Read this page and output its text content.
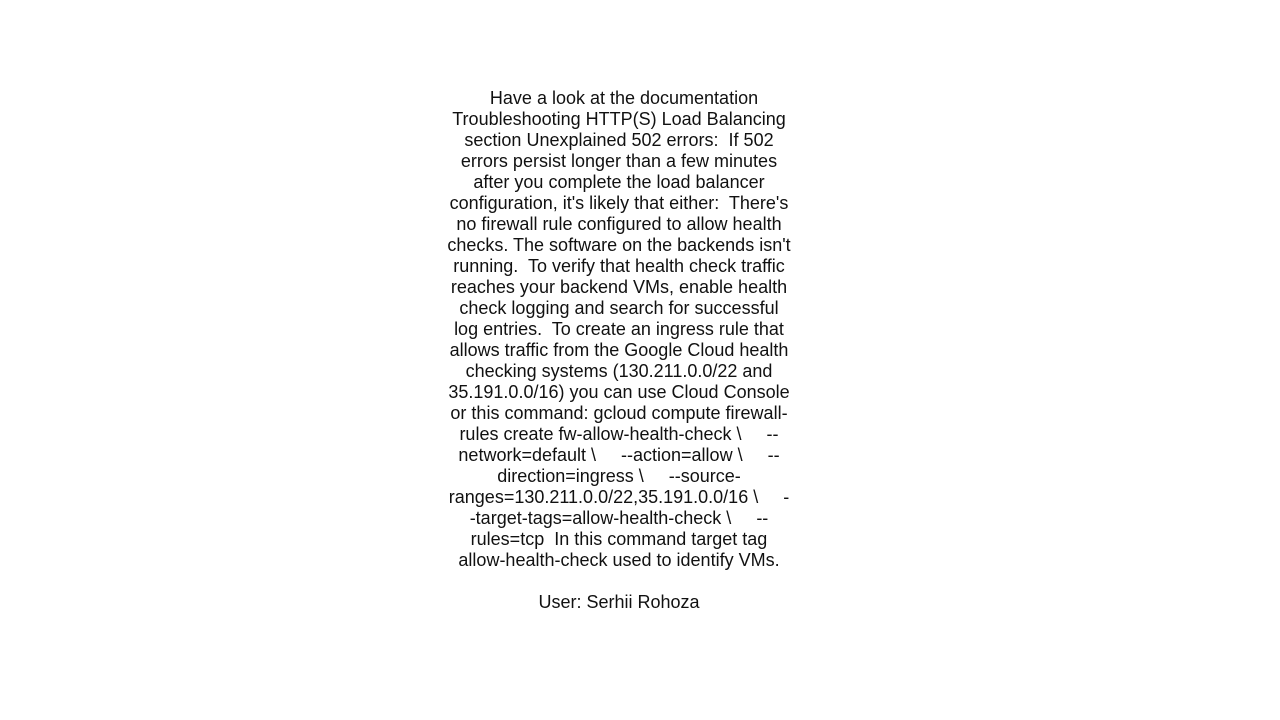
Have a look at the documentation Troubleshooting HTTP(S) Load Balancing section Unexplained 502 errors:  If 502 errors persist longer than a few minutes after you complete the load balancer configuration, it's likely that either:  There's no firewall rule configured to allow health checks. The software on the backends isn't running.  To verify that health check traffic reaches your backend VMs, enable health check logging and search for successful log entries.  To create an ingress rule that allows traffic from the Google Cloud health checking systems (130.211.0.0/22 and 35.191.0.0/16) you can use Cloud Console or this command: gcloud compute firewall-rules create fw-allow-health-check \     --network=default \     --action=allow \     --direction=ingress \     --source-ranges=130.211.0.0/22,35.191.0.0/16 \     --target-tags=allow-health-check \     --rules=tcp  In this command target tag allow-health-check used to identify VMs.

User: Serhii Rohoza
